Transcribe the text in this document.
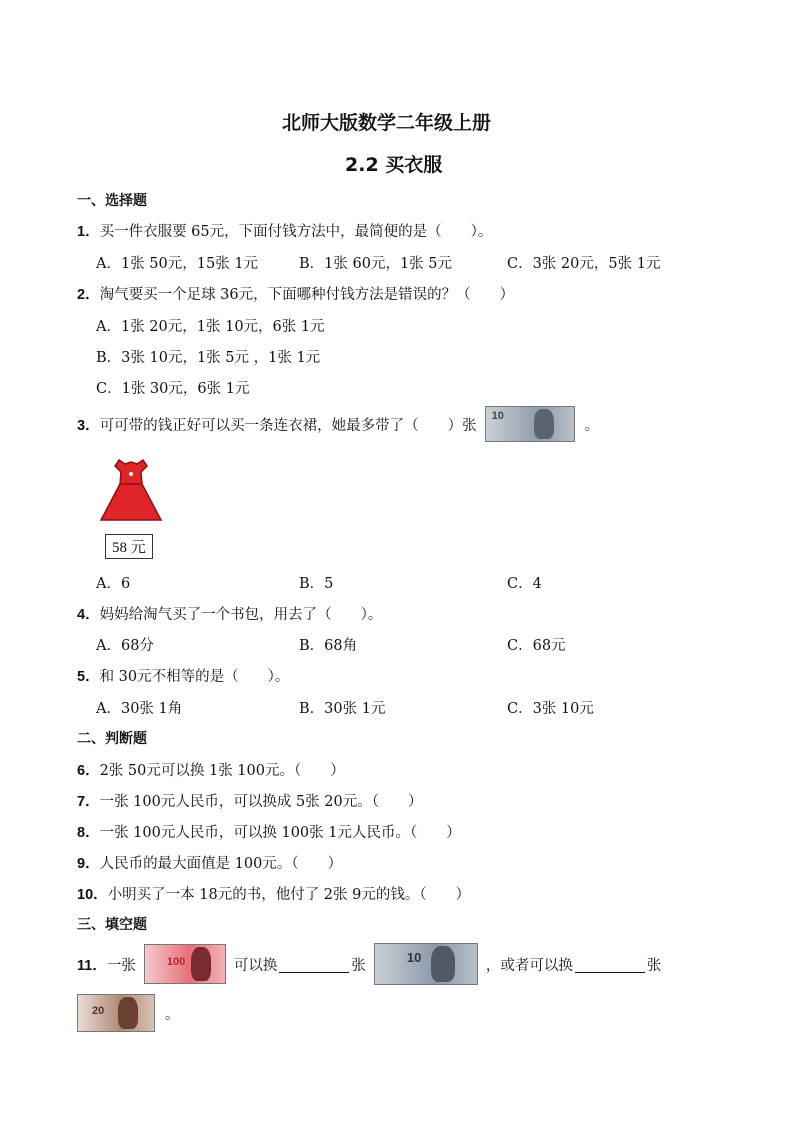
北师大版数学二年级上册
2.2 买衣服
一、选择题
1． 买一件衣服要 65元，下面付钱方法中，最简便的是（　　）。
A．1张 50元，15张 1元	B．1张 60元，1张 5元	C．3张 20元，5张 1元
2． 淘气要买一个足球 36元，下面哪种付钱方法是错误的？（　　）
A．1张 20元，1张 10元，6张 1元
B．3张 10元，1张 5元 ，1张 1元
C．1张 30元，6张 1元
3． 可可带的钱正好可以买一条连衣裙，她最多带了（　　）张
10
。
58 元
A．6	B．5	C．4
4． 妈妈给淘气买了一个书包，用去了（　　）。
A．68分	B．68角	C．68元
5． 和 30元不相等的是（　　）。
A．30张 1角	B．30张 1元	C．3张 10元
二、判断题
6． 2张 50元可以换 1张 100元。（　　）
7． 一张 100元人民币，可以换成 5张 20元。（　　）
8． 一张 100元人民币，可以换 100张 1元人民币。（　　）
9． 人民币的最大面值是 100元。（　　）
10． 小明买了一本 18元的书，他付了 2张 9元的钱。（　　）
三、填空题
11． 一张	100	可以换	张	10	，或者可以换	张
20	。
